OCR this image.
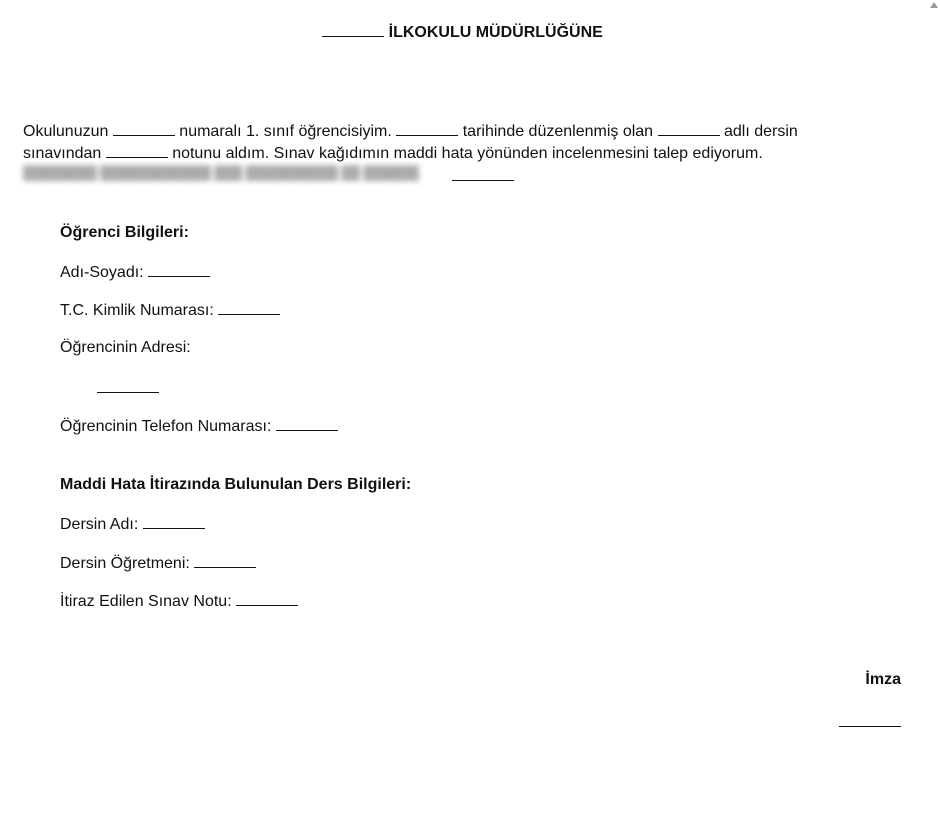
İLKOKULU MÜDÜRLÜĞÜNE
Okulunuzun	numaralı 1. sınıf öğrencisiyim.	tarihinde düzenlenmiş olan	adlı dersin
sınavından	notunu aldım. Sınav kağıdımın maddi hata yönünden incelenmesini talep ediyorum.
████████ ████████████ ███ ██████████ ██ ██████
Öğrenci Bilgileri:
Adı-Soyadı:
T.C. Kimlik Numarası:
Öğrencinin Adresi:
Öğrencinin Telefon Numarası:
Maddi Hata İtirazında Bulunulan Ders Bilgileri:
Dersin Adı:
Dersin Öğretmeni:
İtiraz Edilen Sınav Notu:
İmza
